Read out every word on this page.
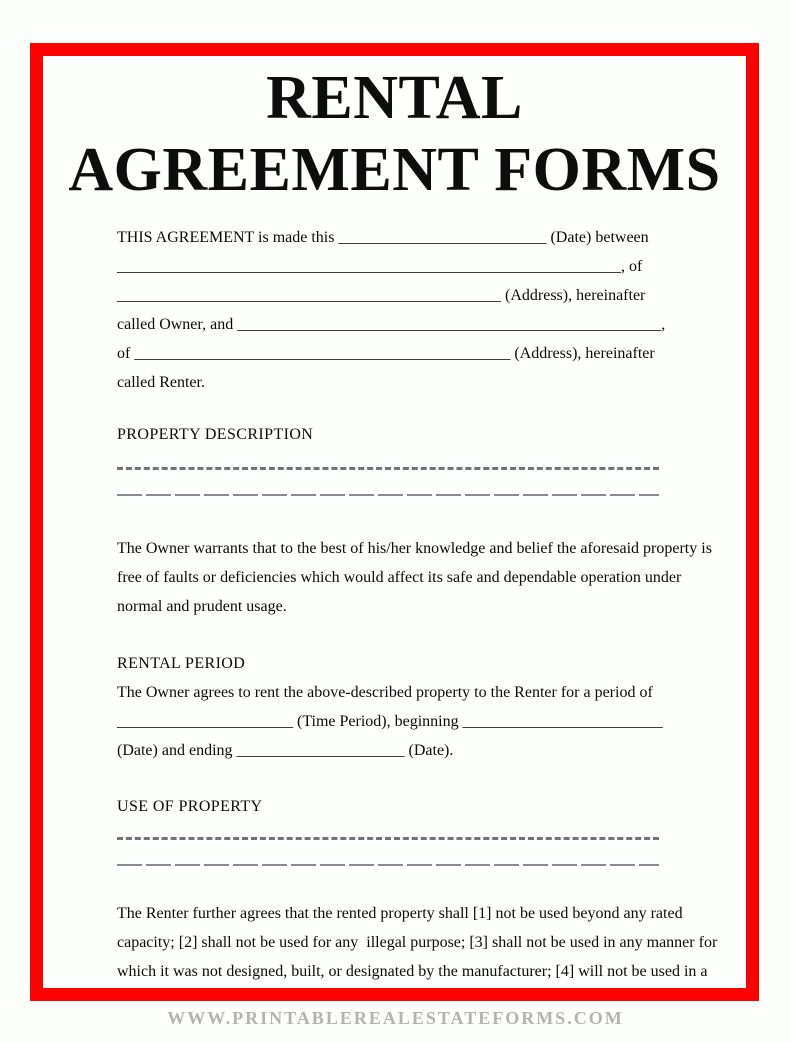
RENTAL
AGREEMENT FORMS
THIS AGREEMENT is made this __________________________ (Date) between
_______________________________________________________________, of
________________________________________________ (Address), hereinafter
called Owner, and _____________________________________________________,
of _______________________________________________ (Address), hereinafter
called Renter.
PROPERTY DESCRIPTION
The Owner warrants that to the best of his/her knowledge and belief the aforesaid property is
free of faults or deficiencies which would affect its safe and dependable operation under
normal and prudent usage.
RENTAL PERIOD
The Owner agrees to rent the above-described property to the Renter for a period of
______________________ (Time Period), beginning _________________________
(Date) and ending _____________________ (Date).
USE OF PROPERTY
The Renter further agrees that the rented property shall [1] not be used beyond any rated
capacity; [2] shall not be used for any  illegal purpose; [3] shall not be used in any manner for
which it was not designed, built, or designated by the manufacturer; [4] will not be used in a
WWW.PRINTABLEREALESTATEFORMS.COM
